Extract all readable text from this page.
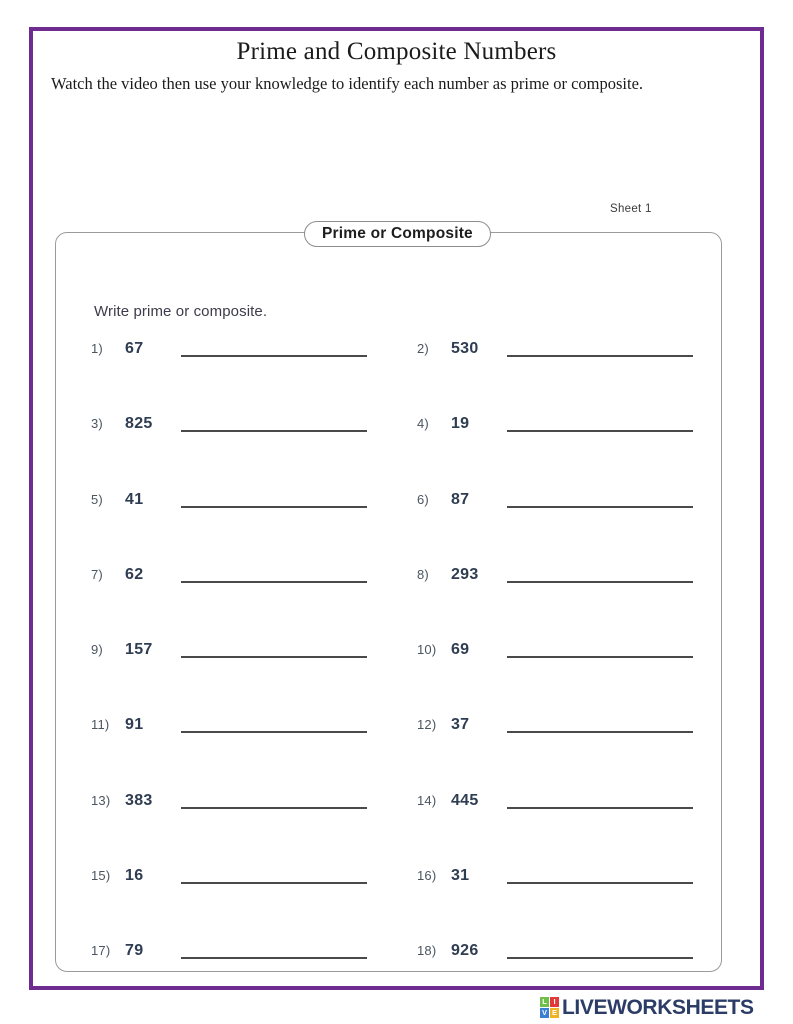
Prime and Composite Numbers

Watch the video then use your knowledge to identify each number as prime or composite.

Prime or Composite
Sheet 1
Write prime or composite.
1)	67	2)	530
3)	825	4)	19
5)	41	6)	87
7)	62	8)	293
9)	157	10) 69
11) 91	12) 37
13) 383	14) 445
15) 16	16) 31
17) 79	18) 926
L I
V E LIVEWORKSHEETS
